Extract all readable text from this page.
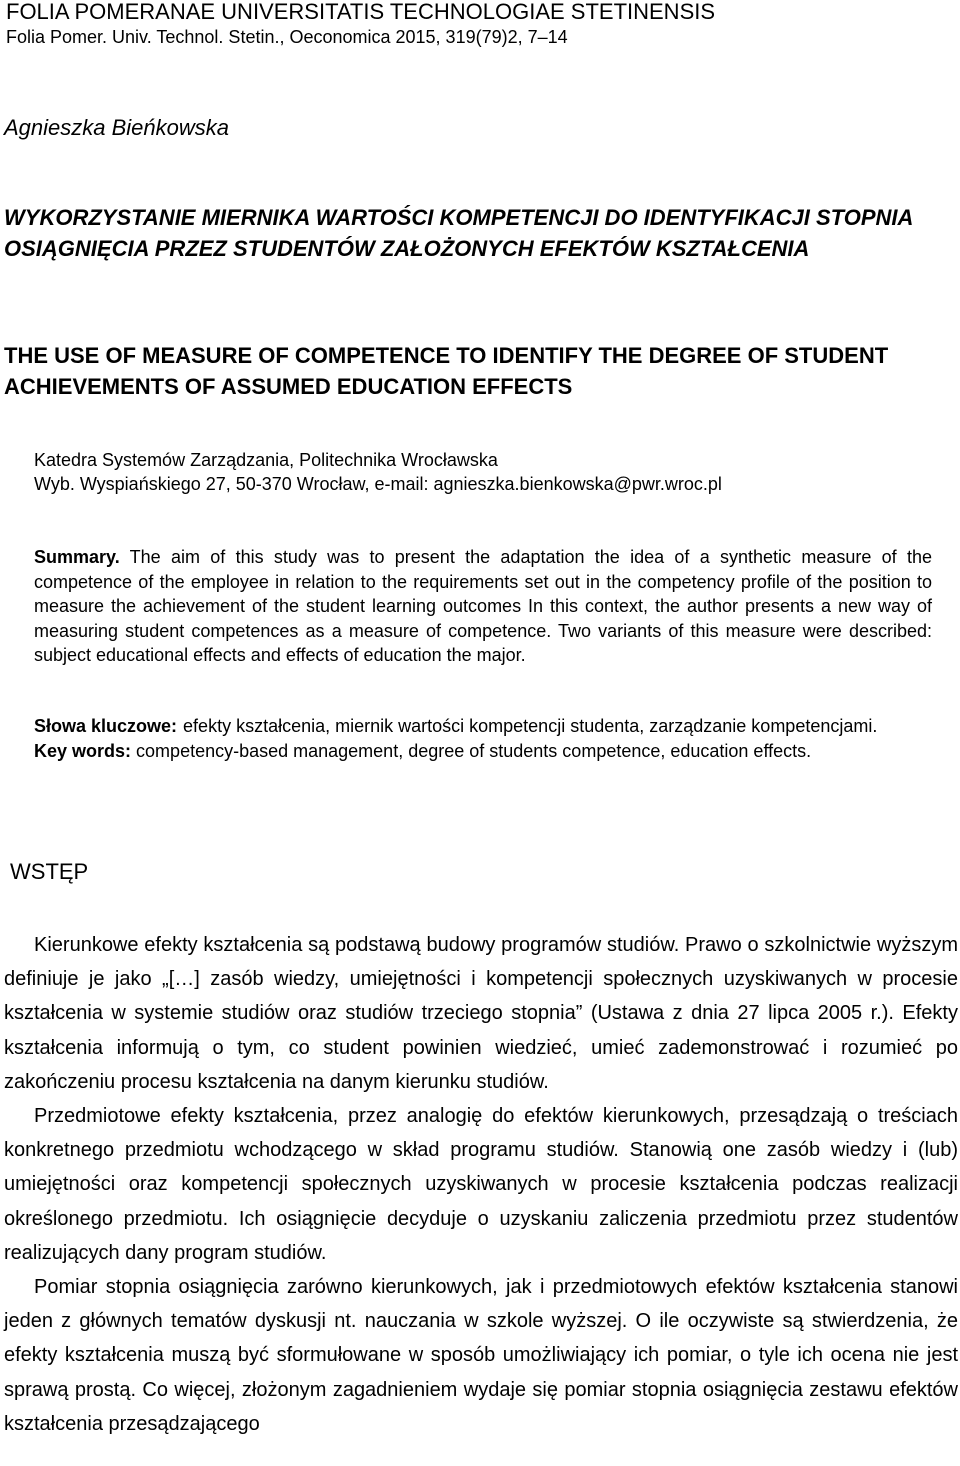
FOLIA POMERANAE UNIVERSITATIS TECHNOLOGIAE STETINENSIS
Folia Pomer. Univ. Technol. Stetin., Oeconomica 2015, 319(79)2, 7–14
Agnieszka Bieńkowska
WYKORZYSTANIE MIERNIKA WARTOŚCI KOMPETENCJI DO IDENTYFIKACJI STOPNIA OSIĄGNIĘCIA PRZEZ STUDENTÓW ZAŁOŻONYCH EFEKTÓW KSZTAŁCENIA
THE USE OF MEASURE OF COMPETENCE TO IDENTIFY THE DEGREE OF STUDENT ACHIEVEMENTS OF ASSUMED EDUCATION EFFECTS
Katedra Systemów Zarządzania, Politechnika Wrocławska
Wyb. Wyspiańskiego 27, 50-370 Wrocław, e-mail: agnieszka.bienkowska@pwr.wroc.pl
Summary. The aim of this study was to present the adaptation the idea of a synthetic measure of the competence of the employee in relation to the requirements set out in the competency profile of the position to measure the achievement of the student learning outcomes In this context, the author presents a new way of measuring student competences as a measure of competence. Two variants of this measure were described: subject educational effects and effects of education the major.
Słowa kluczowe: efekty kształcenia, miernik wartości kompetencji studenta, zarządzanie kompetencjami.
Key words: competency-based management, degree of students competence, education effects.
WSTĘP

Kierunkowe efekty kształcenia są podstawą budowy programów studiów. Prawo o szkolnictwie wyższym definiuje je jako „[…] zasób wiedzy, umiejętności i kompetencji społecznych uzyskiwanych w procesie kształcenia w systemie studiów oraz studiów trzeciego stopnia” (Ustawa z dnia 27 lipca 2005 r.). Efekty kształcenia informują o tym, co student powinien wiedzieć, umieć zademonstrować i rozumieć po zakończeniu procesu kształcenia na danym kierunku studiów.

Przedmiotowe efekty kształcenia, przez analogię do efektów kierunkowych, przesądzają o treściach konkretnego przedmiotu wchodzącego w skład programu studiów. Stanowią one zasób wiedzy i (lub) umiejętności oraz kompetencji społecznych uzyskiwanych w procesie kształcenia podczas realizacji określonego przedmiotu. Ich osiągnięcie decyduje o uzyskaniu zaliczenia przedmiotu przez studentów realizujących dany program studiów.

Pomiar stopnia osiągnięcia zarówno kierunkowych, jak i przedmiotowych efektów kształcenia stanowi jeden z głównych tematów dyskusji nt. nauczania w szkole wyższej. O ile oczywiste są stwierdzenia, że efekty kształcenia muszą być sformułowane w sposób umożliwiający ich pomiar, o tyle ich ocena nie jest sprawą prostą. Co więcej, złożonym zagadnieniem wydaje się pomiar stopnia osiągnięcia zestawu efektów kształcenia przesądzającego
